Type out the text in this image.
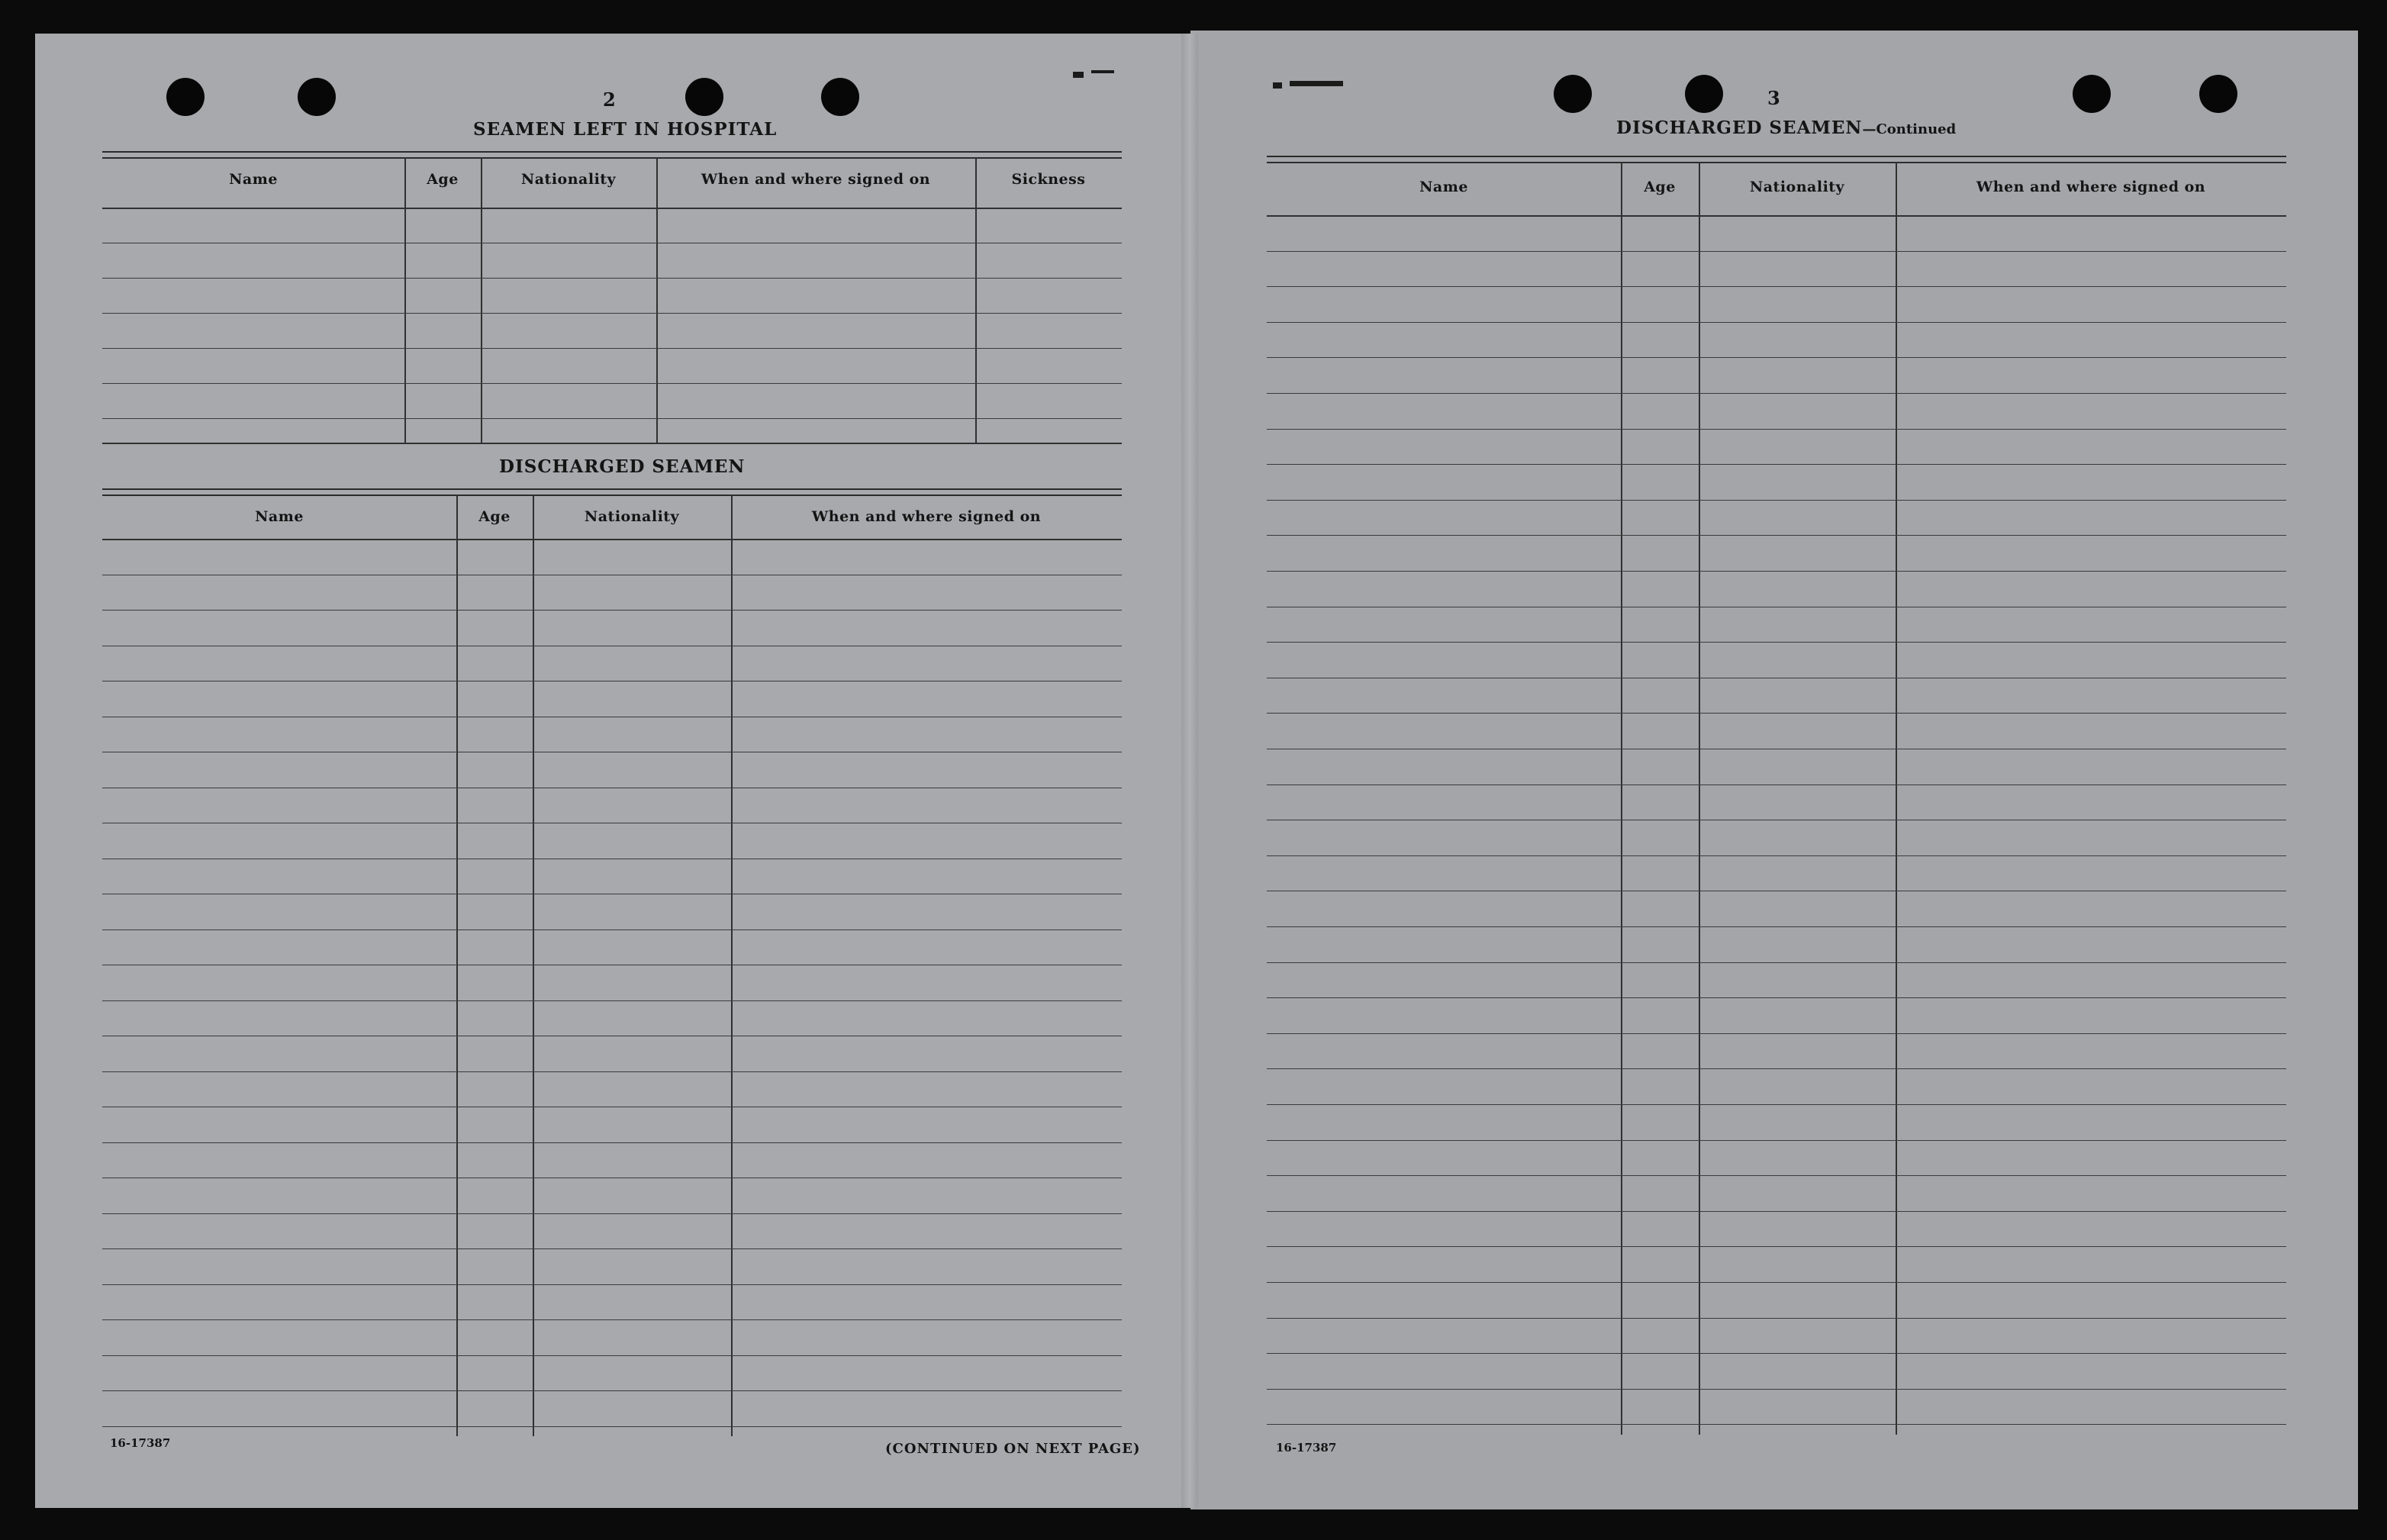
2
SEAMEN LEFT IN HOSPITAL
Name	Age	Nationality	When and where signed on	Sickness
DISCHARGED SEAMEN
Name	Age	Nationality	When and where signed on
16-17387	(CONTINUED ON NEXT PAGE)
3
DISCHARGED SEAMEN—Continued
Name	Age	Nationality	When and where signed on
16-17387
